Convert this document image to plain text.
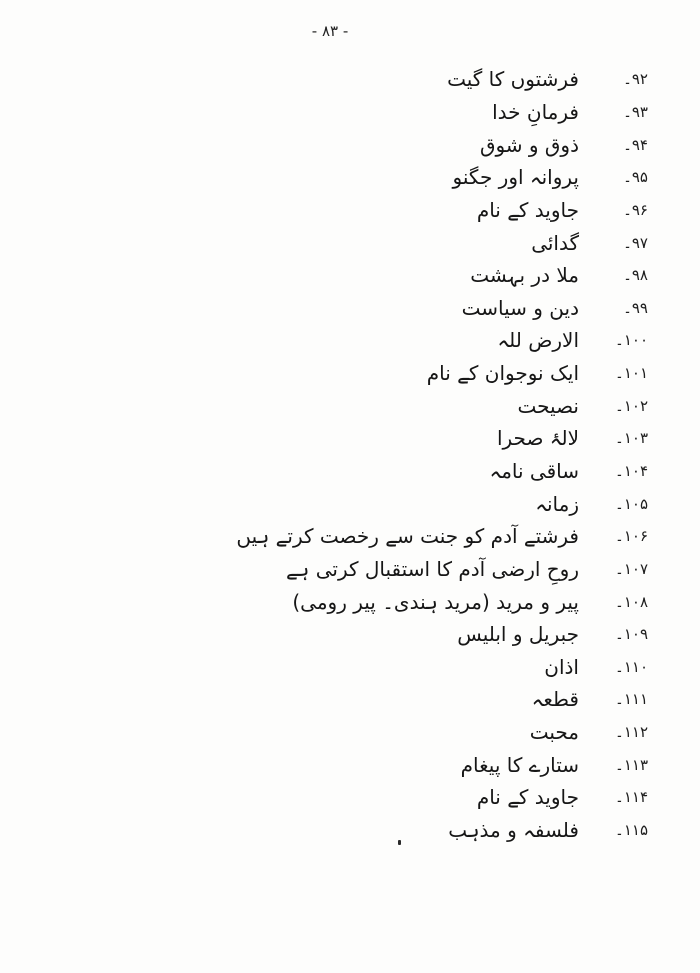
- ۸۳ -
۹۲۔
فرشتوں کا گیت
۹۳۔
فرمانِ خدا
۹۴۔
ذوق و شوق
۹۵۔
پروانہ اور جگنو
۹۶۔
جاوید کے نام
۹۷۔
گدائی
۹۸۔
ملا در بہشت
۹۹۔
دین و سیاست
۱۰۰۔
الارض للہ
۱۰۱۔
ایک نوجوان کے نام
۱۰۲۔
نصیحت
۱۰۳۔
لالۂ صحرا
۱۰۴۔
ساقی نامہ
۱۰۵۔
زمانہ
۱۰۶۔
فرشتے آدم کو جنت سے رخصت کرتے ہیں
۱۰۷۔
روحِ ارضی آدم کا استقبال کرتی ہے
۱۰۸۔
پیر و مرید (مرید ہندی۔ پیر رومی)
۱۰۹۔
جبریل و ابلیس
۱۱۰۔
اذان
۱۱۱۔
قطعہ
۱۱۲۔
محبت
۱۱۳۔
ستارے کا پیغام
۱۱۴۔
جاوید کے نام
۱۱۵۔
فلسفہ و مذہب
